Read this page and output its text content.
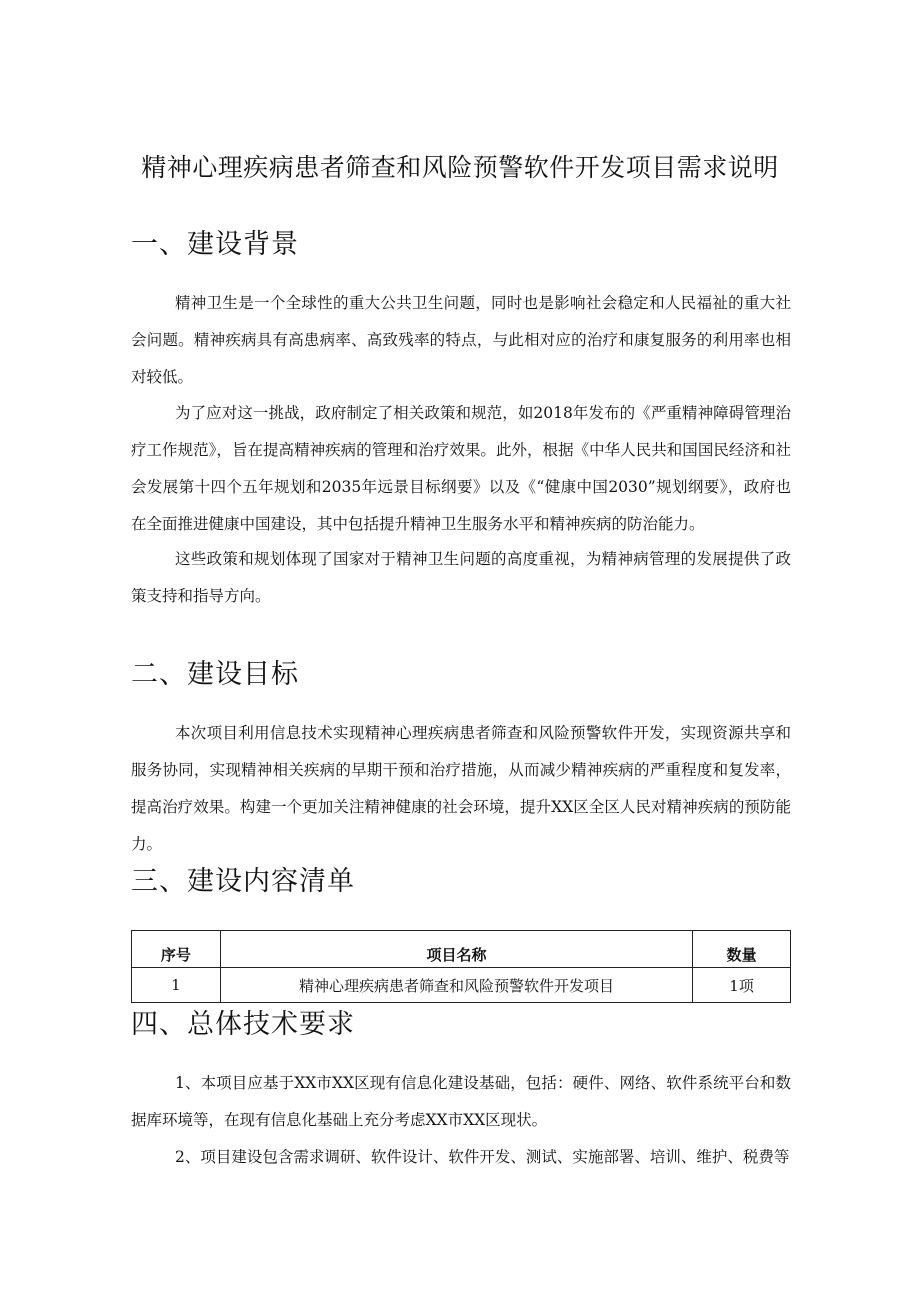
精神心理疾病患者筛查和风险预警软件开发项目需求说明
一、建设背景

精神卫生是一个全球性的重大公共卫生问题，同时也是影响社会稳定和人民福祉的重大社会问题。精神疾病具有高患病率、高致残率的特点，与此相对应的治疗和康复服务的利用率也相对较低。

为了应对这一挑战，政府制定了相关政策和规范，如2018年发布的《严重精神障碍管理治疗工作规范》，旨在提高精神疾病的管理和治疗效果。此外，根据《中华人民共和国国民经济和社会发展第十四个五年规划和2035年远景目标纲要》以及《“健康中国2030”规划纲要》，政府也在全面推进健康中国建设，其中包括提升精神卫生服务水平和精神疾病的防治能力。

这些政策和规划体现了国家对于精神卫生问题的高度重视，为精神病管理的发展提供了政策支持和指导方向。

二、建设目标

本次项目利用信息技术实现精神心理疾病患者筛查和风险预警软件开发，实现资源共享和服务协同，实现精神相关疾病的早期干预和治疗措施，从而减少精神疾病的严重程度和复发率，提高治疗效果。构建一个更加关注精神健康的社会环境，提升XX区全区人民对精神疾病的预防能力。

三、建设内容清单
序号	项目名称	数量
1	精神心理疾病患者筛查和风险预警软件开发项目	1项
四、总体技术要求

1、本项目应基于XX市XX区现有信息化建设基础，包括：硬件、网络、软件系统平台和数据库环境等，在现有信息化基础上充分考虑XX市XX区现状。

2、项目建设包含需求调研、软件设计、软件开发、测试、实施部署、培训、维护、税费等
